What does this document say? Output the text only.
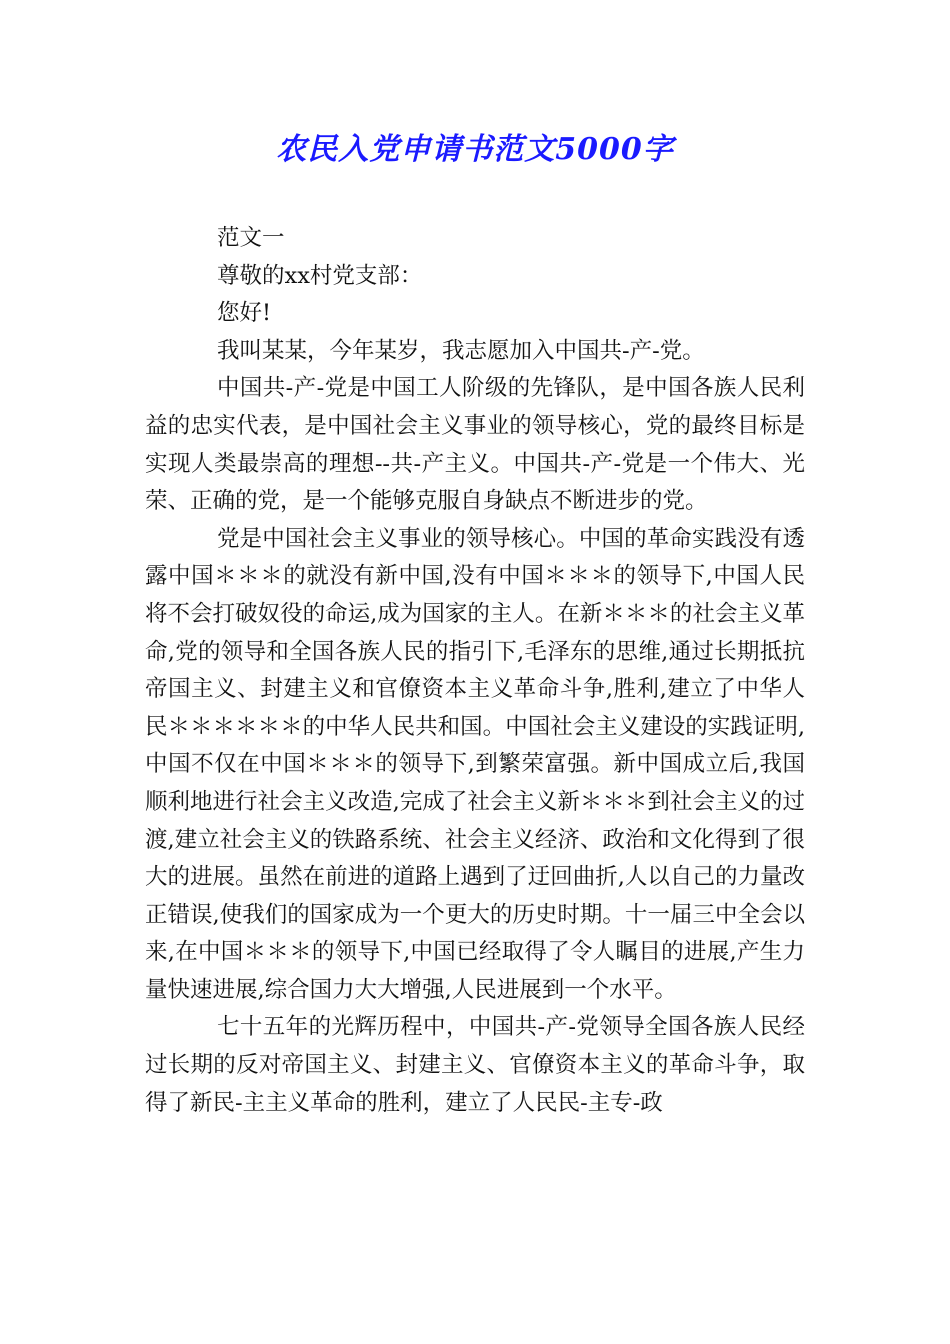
农民入党申请书范文5000字

范文一

尊敬的xx村党支部：

您好!

我叫某某，今年某岁，我志愿加入中国共-产-党。

中国共-产-党是中国工人阶级的先锋队，是中国各族人民利益的忠实代表，是中国社会主义事业的领导核心，党的最终目标是实现人类最崇高的理想--共-产主义。中国共-产-党是一个伟大、光荣、正确的党，是一个能够克服自身缺点不断进步的党。

党是中国社会主义事业的领导核心。中国的革命实践没有透露中国＊＊＊的就没有新中国,没有中国＊＊＊的领导下,中国人民将不会打破奴役的命运,成为国家的主人。在新＊＊＊的社会主义革命,党的领导和全国各族人民的指引下,毛泽东的思维,通过长期抵抗帝国主义、封建主义和官僚资本主义革命斗争,胜利,建立了中华人民＊＊＊＊＊＊的中华人民共和国。中国社会主义建设的实践证明,中国不仅在中国＊＊＊的领导下,到繁荣富强。新中国成立后,我国顺利地进行社会主义改造,完成了社会主义新＊＊＊到社会主义的过渡,建立社会主义的铁路系统、社会主义经济、政治和文化得到了很大的进展。虽然在前进的道路上遇到了迂回曲折,人以自己的力量改正错误,使我们的国家成为一个更大的历史时期。十一届三中全会以来,在中国＊＊＊的领导下,中国已经取得了令人瞩目的进展,产生力量快速进展,综合国力大大增强,人民进展到一个水平。

七十五年的光辉历程中，中国共-产-党领导全国各族人民经过长期的反对帝国主义、封建主义、官僚资本主义的革命斗争，取得了新民-主主义革命的胜利，建立了人民民-主专-政
